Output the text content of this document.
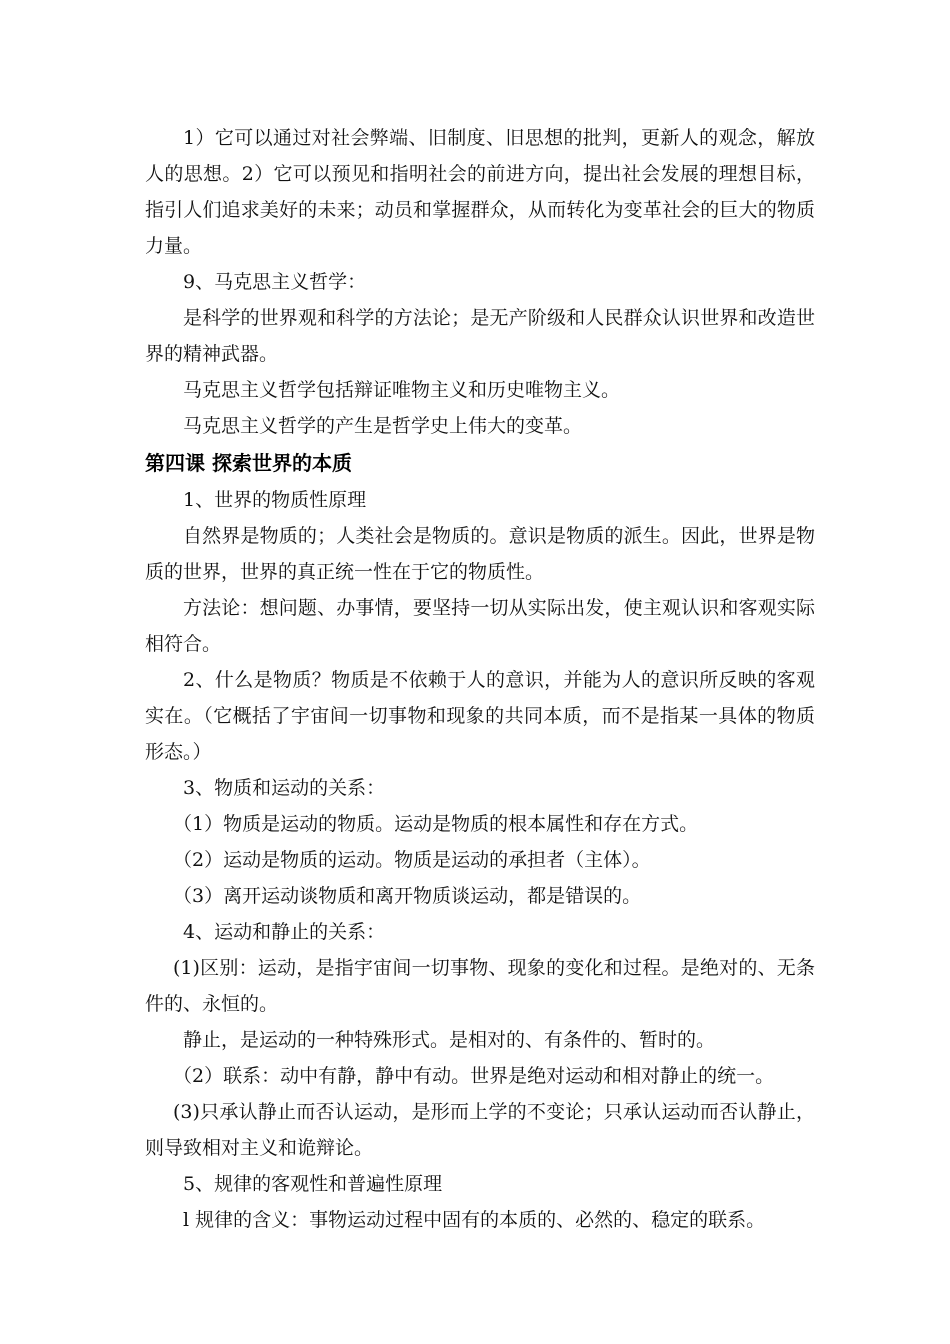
1）它可以通过对社会弊端、旧制度、旧思想的批判，更新人的观念，解放人的思想。2）它可以预见和指明社会的前进方向，提出社会发展的理想目标，指引人们追求美好的未来；动员和掌握群众，从而转化为变革社会的巨大的物质力量。

9、马克思主义哲学：

是科学的世界观和科学的方法论；是无产阶级和人民群众认识世界和改造世界的精神武器。

马克思主义哲学包括辩证唯物主义和历史唯物主义。

马克思主义哲学的产生是哲学史上伟大的变革。

第四课 探索世界的本质

1、世界的物质性原理

自然界是物质的；人类社会是物质的。意识是物质的派生。因此，世界是物质的世界，世界的真正统一性在于它的物质性。

方法论：想问题、办事情，要坚持一切从实际出发，使主观认识和客观实际相符合。

2、什么是物质？物质是不依赖于人的意识，并能为人的意识所反映的客观实在。（它概括了宇宙间一切事物和现象的共同本质，而不是指某一具体的物质形态。）

3、物质和运动的关系：

（1）物质是运动的物质。运动是物质的根本属性和存在方式。

（2）运动是物质的运动。物质是运动的承担者（主体）。

（3）离开运动谈物质和离开物质谈运动，都是错误的。

4、运动和静止的关系：

(1)区别：运动，是指宇宙间一切事物、现象的变化和过程。是绝对的、无条件的、永恒的。

静止，是运动的一种特殊形式。是相对的、有条件的、暂时的。

（2）联系：动中有静，静中有动。世界是绝对运动和相对静止的统一。

(3)只承认静止而否认运动，是形而上学的不变论；只承认运动而否认静止，则导致相对主义和诡辩论。

5、规律的客观性和普遍性原理

l 规律的含义：事物运动过程中固有的本质的、必然的、稳定的联系。
